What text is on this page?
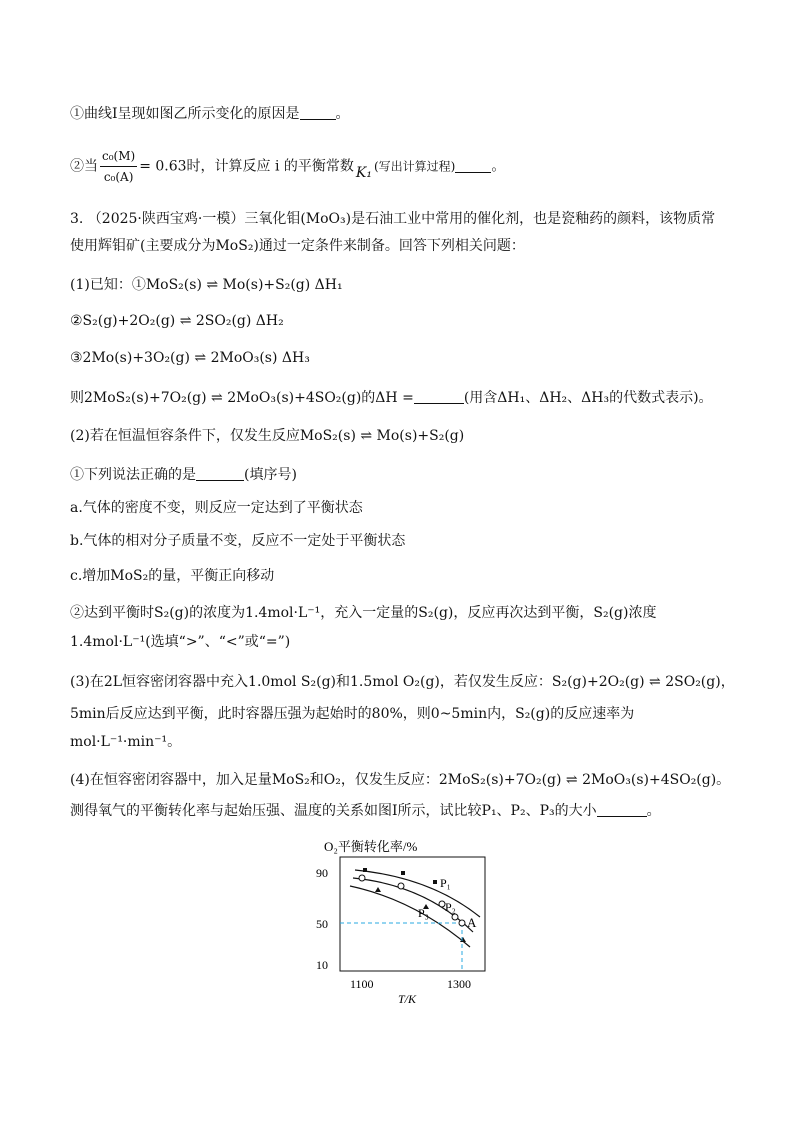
①曲线Ⅰ呈现如图乙所示变化的原因是	。
②当 $\frac{\text{c₀(M)}}{\text{c₀(A)}} = 0.63$时，计算反应 i 的平衡常数 K₁ (写出计算过程)	。
3. （2025·陕西宝鸡·一模）三氧化钼(MoO₃)是石油工业中常用的催化剂，也是瓷釉药的颜料，该物质常
使用辉钼矿(主要成分为MoS₂)通过一定条件来制备。回答下列相关问题：
(1)已知：①MoS₂(s) ⇌ Mo(s)+S₂(g) ΔH₁
②S₂(g)+2O₂(g) ⇌ 2SO₂(g) ΔH₂
③2Mo(s)+3O₂(g) ⇌ 2MoO₃(s) ΔH₃
则2MoS₂(s)+7O₂(g) ⇌ 2MoO₃(s)+4SO₂(g)的ΔH =	(用含ΔH₁、ΔH₂、ΔH₃的代数式表示)。
(2)若在恒温恒容条件下，仅发生反应MoS₂(s) ⇌ Mo(s)+S₂(g)
①下列说法正确的是	(填序号)
a.气体的密度不变，则反应一定达到了平衡状态
b.气体的相对分子质量不变，反应不一定处于平衡状态
c.增加MoS₂的量，平衡正向移动
②达到平衡时S₂(g)的浓度为1.4mol·L⁻¹，充入一定量的S₂(g)，反应再次达到平衡，S₂(g)浓度
1.4mol·L⁻¹(选填“>”、“<”或“=”)
(3)在2L恒容密闭容器中充入1.0mol S₂(g)和1.5mol O₂(g)，若仅发生反应：S₂(g)+2O₂(g) ⇌ 2SO₂(g)，
5min后反应达到平衡，此时容器压强为起始时的80%，则0~5min内，S₂(g)的反应速率为
mol·L⁻¹·min⁻¹。
(4)在恒容密闭容器中，加入足量MoS₂和O₂，仅发生反应：2MoS₂(s)+7O₂(g) ⇌ 2MoO₃(s)+4SO₂(g)。
测得氧气的平衡转化率与起始压强、温度的关系如图Ⅰ所示，试比较P₁、P₂、P₃的大小	。
O₂平衡转化率/%
90
50
10
1100	1300
T/K
A
P₁
P₂
P₃
